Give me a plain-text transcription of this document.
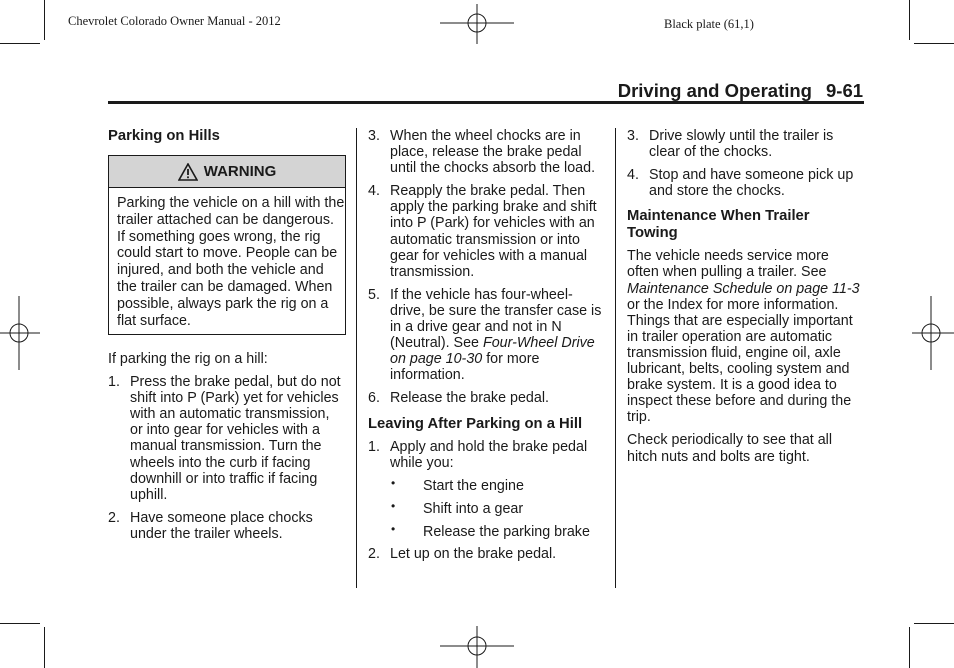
Chevrolet Colorado Owner Manual - 2012	Black plate (61,1)
Driving and Operating 9-61
Parking on Hills
WARNING
Parking the vehicle on a hill with the trailer attached can be dangerous. If something goes wrong, the rig could start to move. People can be injured, and both the vehicle and the trailer can be damaged. When possible, always park the rig on a flat surface.

If parking the rig on a hill:

1. Press the brake pedal, but do not shift into P (Park) yet for vehicles with an automatic transmission, or into gear for vehicles with a manual transmission. Turn the wheels into the curb if facing downhill or into traffic if facing uphill.
2. Have someone place chocks under the trailer wheels.
3. When the wheel chocks are in place, release the brake pedal until the chocks absorb the load.
4. Reapply the brake pedal. Then apply the parking brake and shift into P (Park) for vehicles with an automatic transmission or into gear for vehicles with a manual transmission.
5. If the vehicle has four-wheel-drive, be sure the transfer case is in a drive gear and not in N (Neutral). See Four-Wheel Drive on page 10-30 for more information.
6. Release the brake pedal.
Leaving After Parking on a Hill
1. Apply and hold the brake pedal while you:
• Start the engine
• Shift into a gear
• Release the parking brake
2. Let up on the brake pedal.
3. Drive slowly until the trailer is clear of the chocks.
4. Stop and have someone pick up and store the chocks.
Maintenance When Trailer Towing

The vehicle needs service more often when pulling a trailer. See Maintenance Schedule on page 11-3 or the Index for more information. Things that are especially important in trailer operation are automatic transmission fluid, engine oil, axle lubricant, belts, cooling system and brake system. It is a good idea to inspect these before and during the trip.

Check periodically to see that all hitch nuts and bolts are tight.
